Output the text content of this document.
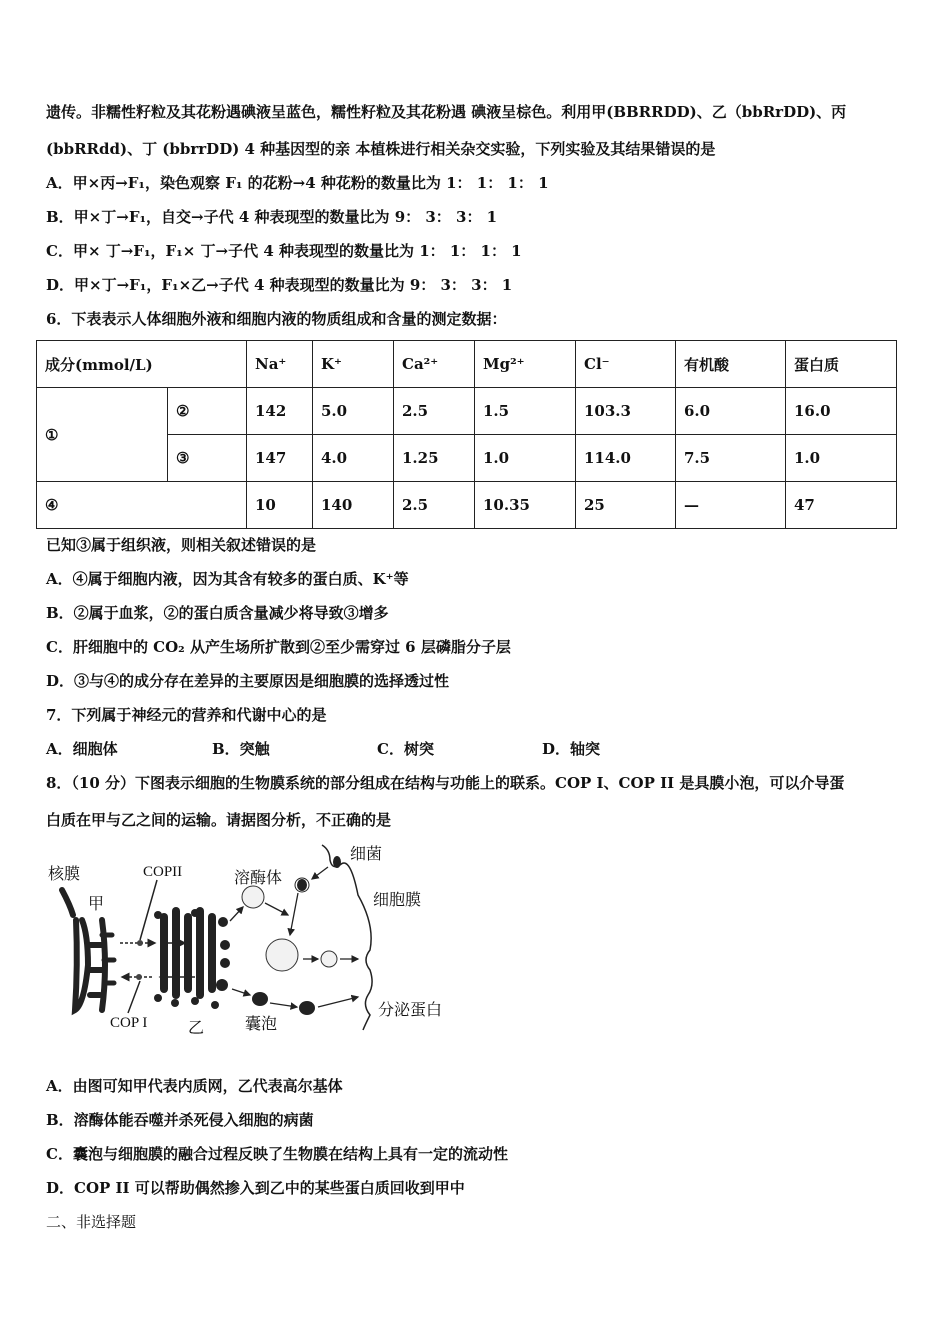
遗传。非糯性籽粒及其花粉遇碘液呈蓝色，糯性籽粒及其花粉遇 碘液呈棕色。利用甲(BBRRDD)、乙（bbRrDD)、丙
(bbRRdd)、丁 (bbrrDD) 4 种基因型的亲 本植株进行相关杂交实验，下列实验及其结果错误的是
A．甲×丙→F₁，染色观察 F₁ 的花粉→4 种花粉的数量比为 1： 1： 1： 1
B．甲×丁→F₁，自交→子代 4 种表现型的数量比为 9： 3： 3： 1
C．甲× 丁→F₁，F₁× 丁→子代 4 种表现型的数量比为 1： 1： 1： 1
D．甲×丁→F₁，F₁×乙→子代 4 种表现型的数量比为 9： 3： 3： 1
6．下表表示人体细胞外液和细胞内液的物质组成和含量的测定数据：
成分(mmol/L)		Na⁺	K⁺	Ca²⁺	Mg²⁺	Cl⁻	有机酸	蛋白质
①	②	142	5.0	2.5	1.5	103.3	6.0	16.0
	③	147	4.0	1.25	1.0	114.0	7.5	1.0
④		10	140	2.5	10.35	25	—	47
已知③属于组织液，则相关叙述错误的是
A．④属于细胞内液，因为其含有较多的蛋白质、K⁺等
B．②属于血浆，②的蛋白质含量减少将导致③增多
C．肝细胞中的 CO₂ 从产生场所扩散到②至少需穿过 6 层磷脂分子层
D．③与④的成分存在差异的主要原因是细胞膜的选择透过性
7．下列属于神经元的营养和代谢中心的是
A．细胞体	B．突触	C．树突	D．轴突
8．（10 分）下图表示细胞的生物膜系统的部分组成在结构与功能上的联系。COP I、COP II 是具膜小泡，可以介导蛋
白质在甲与乙之间的运输。请据图分析，不正确的是
核膜
甲
COPII
COP I	乙
溶酶体
细菌
细胞膜
囊泡
分泌蛋白
A．由图可知甲代表内质网，乙代表高尔基体
B．溶酶体能吞噬并杀死侵入细胞的病菌
C．囊泡与细胞膜的融合过程反映了生物膜在结构上具有一定的流动性
D．COP II 可以帮助偶然掺入到乙中的某些蛋白质回收到甲中
二、非选择题
